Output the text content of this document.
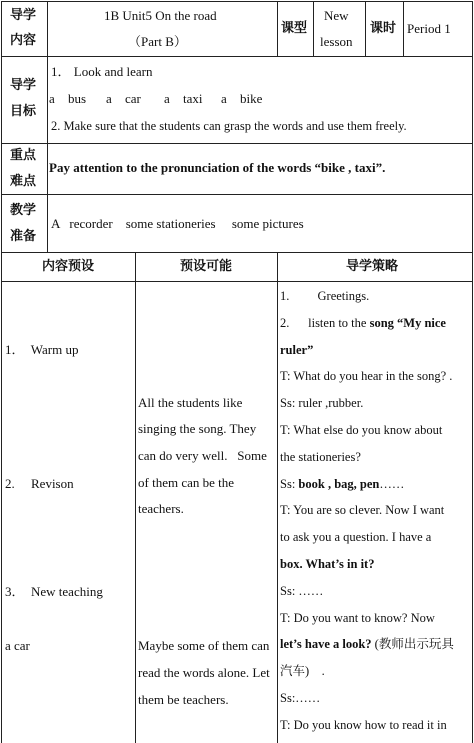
导学
内容
1B Unit5 On the road
（Part B）
课型
New
lesson
课时 Period 1
导学
目标
1． Look and learn
a bus a car a taxi a bike
2. Make sure that the students can grasp the words and use them freely.
重点
难点
Pay attention to the pronunciation of the words “bike , taxi”.
教学
准备
A   recorder    some stationeries     some pictures
内容预设	预设可能	导学策略
1．  Warm up
2.     Revison
3．  New teaching
a car
All the students like
singing the song. They
can do very well.   Some
of them can be the
teachers.
Maybe some of them can
read the words alone. Let
them be teachers.
1.         Greetings.
2.      listen to the song “My nice
ruler”
T: What do you hear in the song? .
Ss: ruler ,rubber.
T: What else do you know about
the stationeries?
Ss: book , bag, pen……
T: You are so clever. Now I want
to ask you a question. I have a
box. What’s in it?
Ss: ……
T: Do you want to know? Now
let’s have a look? (教师出示玩具
汽车)    .
Ss:……
T: Do you know how to read it in
